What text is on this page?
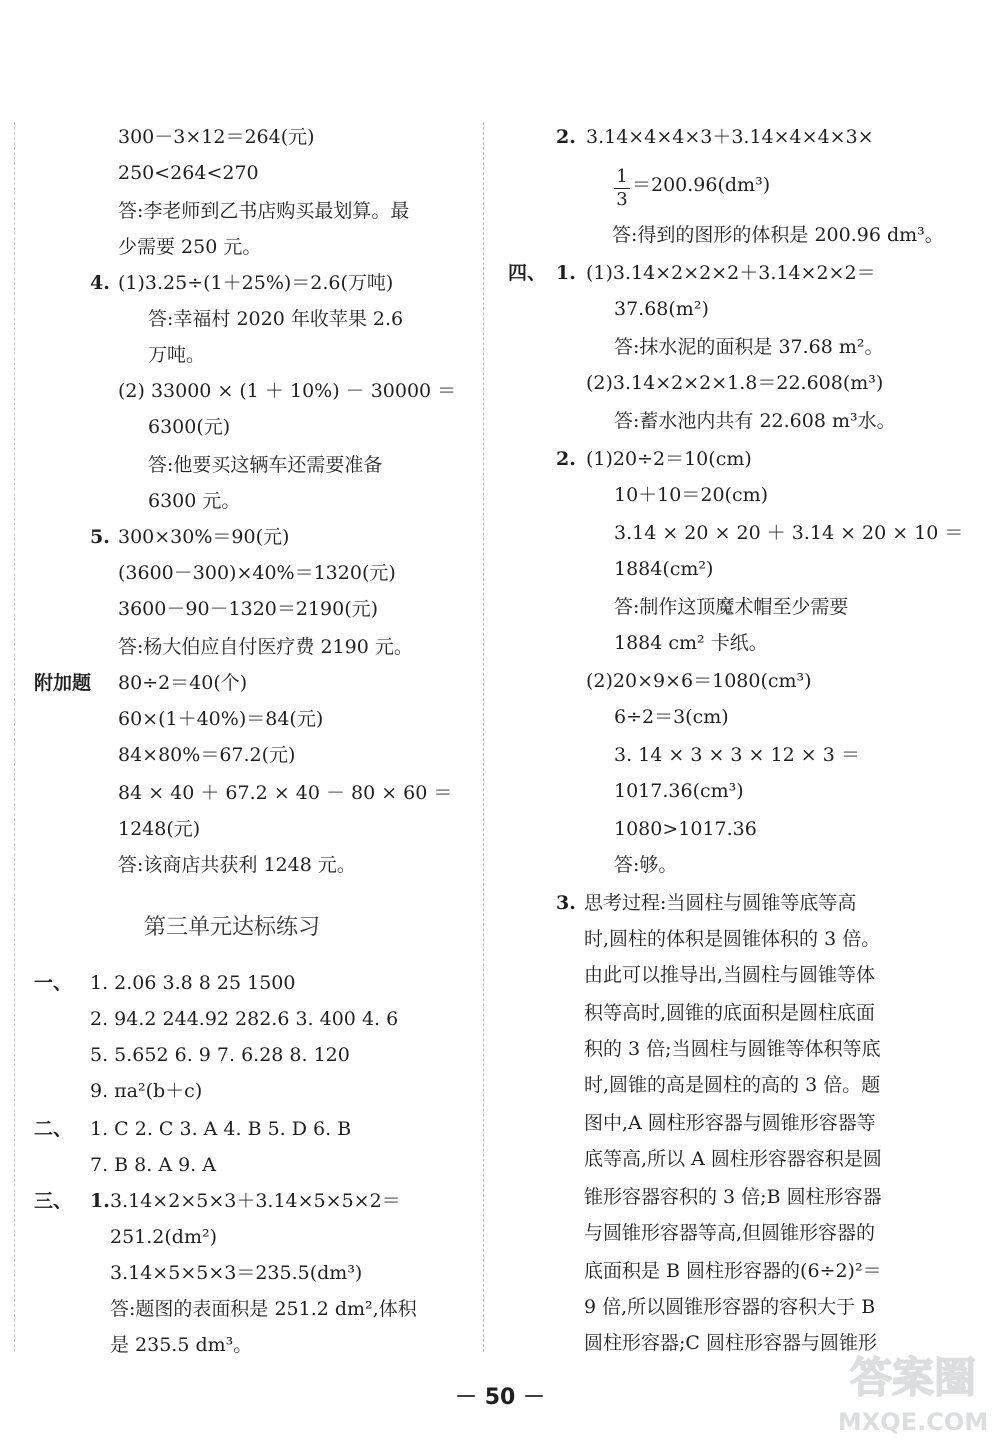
300－3×12＝264(元)
250<264<270
答:李老师到乙书店购买最划算。最
少需要 250 元。
4. (1)3.25÷(1＋25%)＝2.6(万吨)
答:幸福村 2020 年收苹果 2.6
万吨。
(2) 33000 × (1 ＋ 10%) － 30000 ＝
6300(元)
答:他要买这辆车还需要准备
6300 元。
5. 300×30%＝90(元)
(3600－300)×40%＝1320(元)
3600－90－1320＝2190(元)
答:杨大伯应自付医疗费 2190 元。
附加题 80÷2＝40(个)
60×(1＋40%)＝84(元)
84×80%＝67.2(元)
84 × 40 ＋ 67.2 × 40 － 80 × 60 ＝
1248(元)
答:该商店共获利 1248 元。
第三单元达标练习
一、 1. 2.06 3.8 8 25 1500
2. 94.2 244.92 282.6 3. 400 4. 6
5. 5.652 6. 9 7. 6.28 8. 120
9. πa²(b＋c)
二、 1. C 2. C 3. A 4. B 5. D 6. B
7. B 8. A 9. A
三、 1. 3.14×2×5×3＋3.14×5×5×2＝
251.2(dm²)
3.14×5×5×3＝235.5(dm³)
答:题图的表面积是 251.2 dm²,体积
是 235.5 dm³。
2. 3.14×4×4×3＋3.14×4×4×3×
$\frac{1}{3} =200.96(dm^3)$
答:得到的图形的体积是 200.96 dm³。
四、 1. (1)3.14×2×2×2＋3.14×2×2＝
37.68(m²)
答:抹水泥的面积是 37.68 m²。
(2)3.14×2×2×1.8＝22.608(m³)
答:蓄水池内共有 22.608 m³水。
2. (1)20÷2＝10(cm)
10＋10＝20(cm)
3.14 × 20 × 20 ＋ 3.14 × 20 × 10 ＝
1884(cm²)
答:制作这顶魔术帽至少需要
1884 cm² 卡纸。
(2)20×9×6＝1080(cm³)
6÷2＝3(cm)
3. 14 × 3 × 3 × 12 × 3 ＝
1017.36(cm³)
1080>1017.36
答:够。
3. 思考过程:当圆柱与圆锥等底等高
时,圆柱的体积是圆锥体积的 3 倍。
由此可以推导出,当圆柱与圆锥等体
积等高时,圆锥的底面积是圆柱底面
积的 3 倍;当圆柱与圆锥等体积等底
时,圆锥的高是圆柱的高的 3 倍。题
图中,A 圆柱形容器与圆锥形容器等
底等高,所以 A 圆柱形容器容积是圆
锥形容器容积的 3 倍;B 圆柱形容器
与圆锥形容器等高,但圆锥形容器的
底面积是 B 圆柱形容器的(6÷2)²＝
9 倍,所以圆锥形容器的容积大于 B
圆柱形容器;C 圆柱形容器与圆锥形
－ 50 －	答案圈
MXQE.COM
